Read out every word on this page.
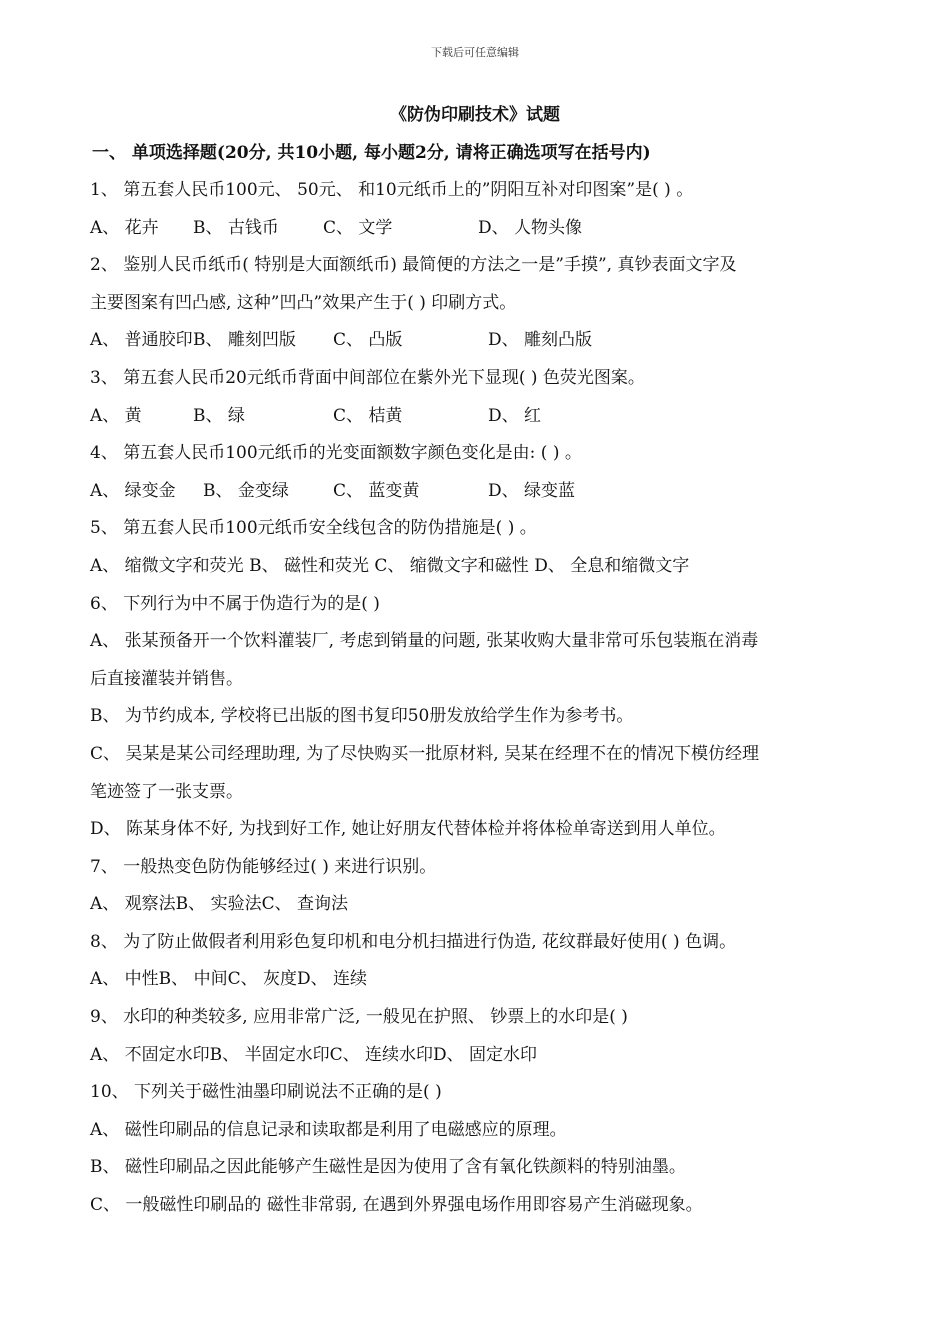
下载后可任意编辑
《防伪印刷技术》试题
一、 单项选择题(20分, 共10小题, 每小题2分, 请将正确选项写在括号内)
1、 第五套人民币100元、 50元、 和10元纸币上的”阴阳互补对印图案”是( ) 。
A、 花卉 B、 古钱币	C、 文学	D、 人物头像
2、 鉴别人民币纸币( 特别是大面额纸币) 最简便的方法之一是”手摸”, 真钞表面文字及
主要图案有凹凸感, 这种”凹凸”效果产生于( ) 印刷方式。
A、 普通胶印B、 雕刻凹版 C、 凸版	D、 雕刻凸版
3、 第五套人民币20元纸币背面中间部位在紫外光下显现( ) 色荧光图案。
A、 黄	B、 绿	C、 桔黄	D、 红
4、 第五套人民币100元纸币的光变面额数字颜色变化是由: ( ) 。
A、 绿变金 B、 金变绿	C、 蓝变黄	D、 绿变蓝
5、 第五套人民币100元纸币安全线包含的防伪措施是( ) 。
A、 缩微文字和荧光 B、 磁性和荧光 C、 缩微文字和磁性 D、 全息和缩微文字
6、 下列行为中不属于伪造行为的是( )
A、 张某预备开一个饮料灌装厂, 考虑到销量的问题, 张某收购大量非常可乐包装瓶在消毒
后直接灌装并销售。
B、 为节约成本, 学校将已出版的图书复印50册发放给学生作为参考书。
C、 吴某是某公司经理助理, 为了尽快购买一批原材料, 吴某在经理不在的情况下模仿经理
笔迹签了一张支票。
D、 陈某身体不好, 为找到好工作, 她让好朋友代替体检并将体检单寄送到用人单位。
7、 一般热变色防伪能够经过( ) 来进行识别。
A、 观察法B、 实验法C、 查询法
8、 为了防止做假者利用彩色复印机和电分机扫描进行伪造, 花纹群最好使用( ) 色调。
A、 中性B、 中间C、 灰度D、 连续
9、 水印的种类较多, 应用非常广泛, 一般见在护照、 钞票上的水印是( )
A、 不固定水印B、 半固定水印C、 连续水印D、 固定水印
10、 下列关于磁性油墨印刷说法不正确的是( )
A、 磁性印刷品的信息记录和读取都是利用了电磁感应的原理。
B、 磁性印刷品之因此能够产生磁性是因为使用了含有氧化铁颜料的特别油墨。
C、 一般磁性印刷品的 磁性非常弱, 在遇到外界强电场作用即容易产生消磁现象。
